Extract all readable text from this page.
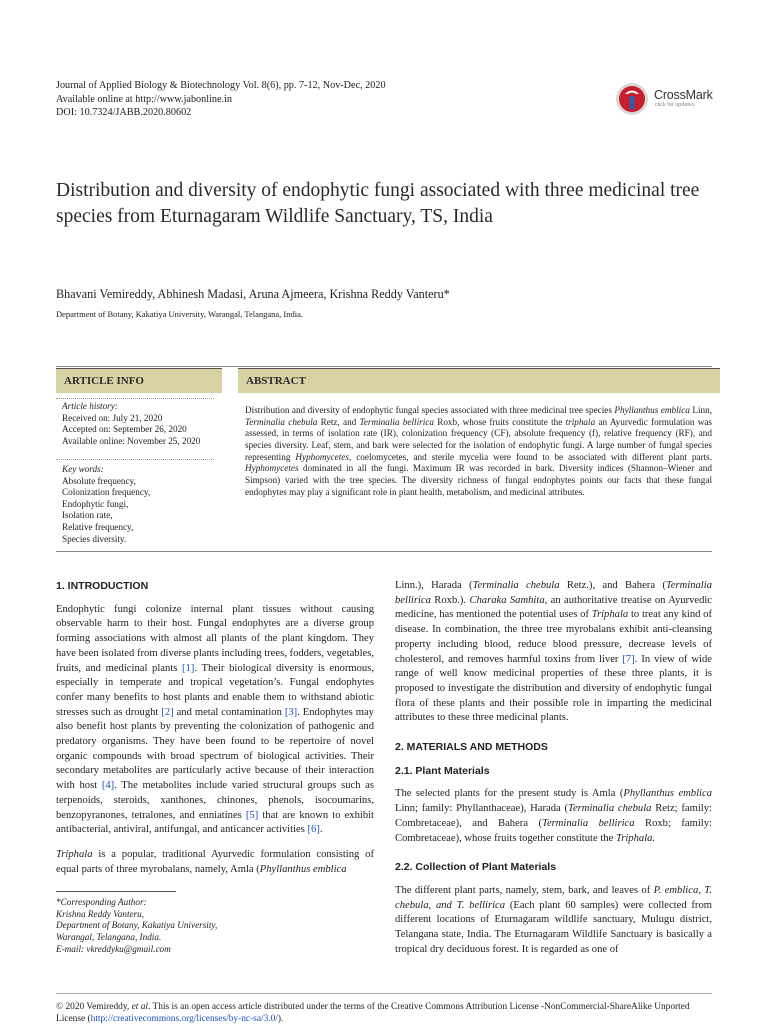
Journal of Applied Biology & Biotechnology Vol. 8(6), pp. 7-12, Nov-Dec, 2020
Available online at http://www.jabonline.in
DOI: 10.7324/JABB.2020.80602
CrossMark
click for updates
Distribution and diversity of endophytic fungi associated with three medicinal tree species from Eturnagaram Wildlife Sanctuary, TS, India
Bhavani Vemireddy, Abhinesh Madasi, Aruna Ajmeera, Krishna Reddy Vanteru*
Department of Botany, Kakatiya University, Warangal, Telangana, India.
ARTICLE INFO	ABSTRACT
Article history:
Received on: July 21, 2020
Accepted on: September 26, 2020
Available online: November 25, 2020
Key words:
Absolute frequency,
Colonization frequency,
Endophytic fungi,
Isolation rate,
Relative frequency,
Species diversity.
Distribution and diversity of endophytic fungal species associated with three medicinal tree species Phyllanthus emblica Linn, Terminalia chebula Retz, and Terminalia bellirica Roxb, whose fruits constitute the triphala an Ayurvedic formulation was assessed, in terms of isolation rate (IR), colonization frequency (CF), absolute frequency (f), relative frequency (RF), and species diversity. Leaf, stem, and bark were selected for the isolation of endophytic fungi. A large number of fungal species representing Hyphomycetes, coelomycetes, and sterile mycelia were found to be associated with different plant parts. Hyphomycetes dominated in all the fungi. Maximum IR was recorded in bark. Diversity indices (Shannon–Wiener and Simpson) varied with the tree species. The diversity richness of fungal endophytes points our facts that these fungal endophytes may play a significant role in plant health, metabolism, and medicinal attributes.
1. INTRODUCTION

Endophytic fungi colonize internal plant tissues without causing observable harm to their host. Fungal endophytes are a diverse group forming associations with almost all plants of the plant kingdom. They have been isolated from diverse plants including trees, fodders, vegetables, fruits, and medicinal plants [1]. Their biological diversity is enormous, especially in temperate and tropical vegetation’s. Fungal endophytes confer many benefits to host plants and enable them to withstand abiotic stresses such as drought [2] and metal contamination [3]. Endophytes may also benefit host plants by preventing the colonization of pathogenic and predatory organisms. They have been found to be repertoire of novel organic compounds with broad spectrum of biological activities. Their secondary metabolites are particularly active because of their interaction with host [4]. The metabolites include varied structural groups such as terpenoids, steroids, xanthones, chinones, phenols, isocoumarins, benzopyranones, tetralones, and enniatines [5] that are known to exhibit antibacterial, antiviral, antifungal, and anticancer activities [6].

Triphala is a popular, traditional Ayurvedic formulation consisting of equal parts of three myrobalans, namely, Amla (Phyllanthus emblica

Linn.), Harada (Terminalia chebula Retz.), and Bahera (Terminalia bellirica Roxb.). Charaka Samhita, an authoritative treatise on Ayurvedic medicine, has mentioned the potential uses of Triphala to treat any kind of disease. In combination, the three tree myrobalans exhibit anti-cleansing property including blood, reduce blood pressure, decrease levels of cholesterol, and removes harmful toxins from liver [7]. In view of wide range of well know medicinal properties of these three plants, it is proposed to investigate the distribution and diversity of endophytic fungal flora of these plants and their possible role in imparting the medicinal attributes to these three medicinal plants.

2. MATERIALS AND METHODS
2.1. Plant Materials

The selected plants for the present study is Amla (Phyllanthus emblica Linn; family: Phyllanthaceae), Harada (Terminalia chebula Retz; family: Combretaceae), and Bahera (Terminalia bellirica Roxb; family: Combretaceae), whose fruits together constitute the Triphala.

2.2. Collection of Plant Materials

The different plant parts, namely, stem, bark, and leaves of P. emblica, T. chebula, and T. bellirica (Each plant 60 samples) were collected from different locations of Eturnagaram wildlife sanctuary, Mulugu district, Telangana state, India. The Eturnagaram Wildlife Sanctuary is basically a tropical dry deciduous forest. It is regarded as one of

*Corresponding Author:
Krishna Reddy Vanteru,
Department of Botany, Kakatiya University,
Warangal, Telangana, India.
E-mail: vkreddyku@gmail.com
© 2020 Vemireddy, et al. This is an open access article distributed under the terms of the Creative Commons Attribution License -NonCommercial-ShareAlike Unported License (http://creativecommons.org/licenses/by-nc-sa/3.0/).
